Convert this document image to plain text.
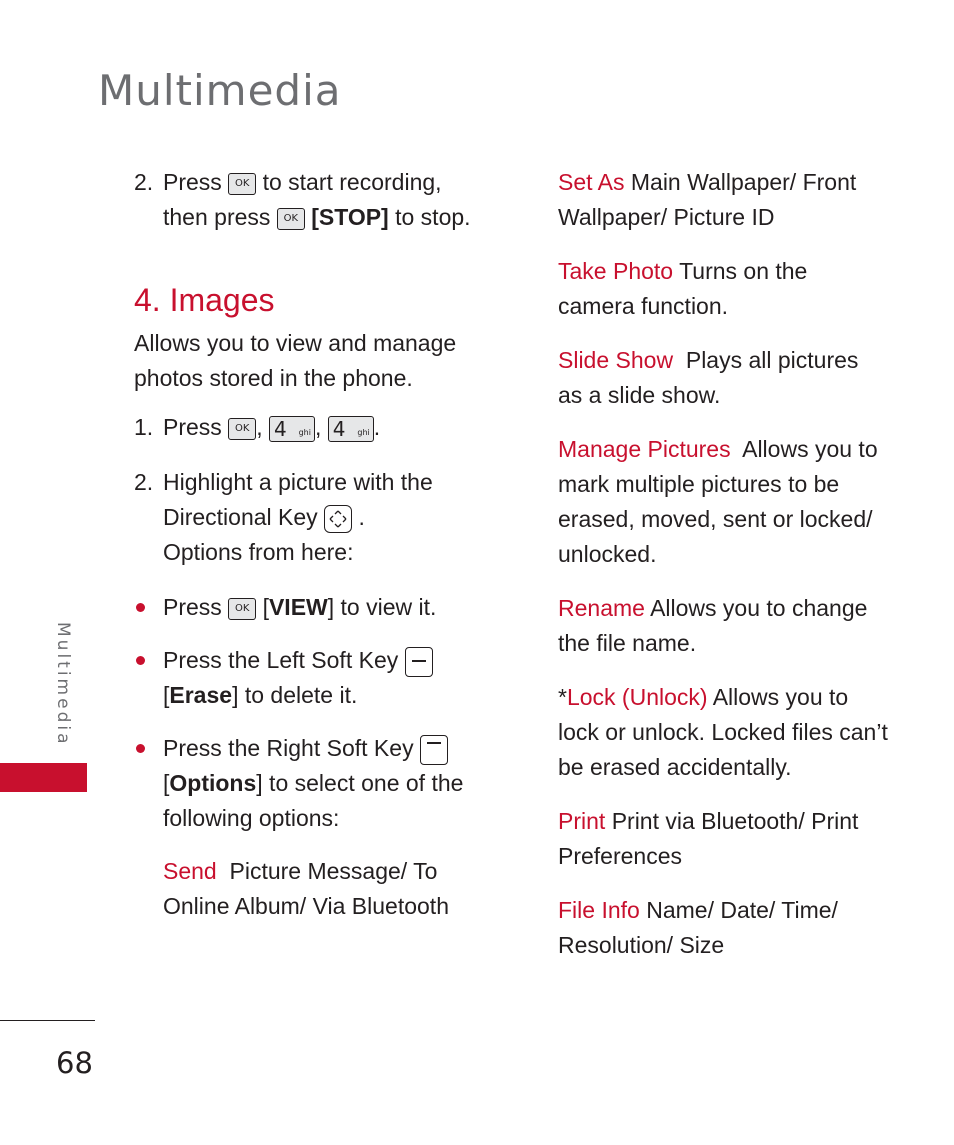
Multimedia
2. Press OK to start recording, then press OK [STOP] to stop.
4. Images
Allows you to view and manage photos stored in the phone.
1. Press OK , 4 ghi , 4 ghi .
2. Highlight a picture with the Directional Key .
Options from here:
Press OK [VIEW] to view it.
Press the Left Soft Key

[Erase] to delete it.
Press the Right Soft Key

[Options] to select one of the following options:
Send Picture Message/ To Online Album/ Via Bluetooth
Set As Main Wallpaper/ Front Wallpaper/ Picture ID
Take Photo Turns on the camera function.
Slide Show Plays all pictures as a slide show.
Manage Pictures Allows you to mark multiple pictures to be erased, moved, sent or locked/ unlocked.
Rename Allows you to change the file name.
*Lock (Unlock) Allows you to lock or unlock. Locked files can’t be erased accidentally.
Print Print via Bluetooth/ Print Preferences
File Info Name/ Date/ Time/ Resolution/ Size
Multimedia
68
